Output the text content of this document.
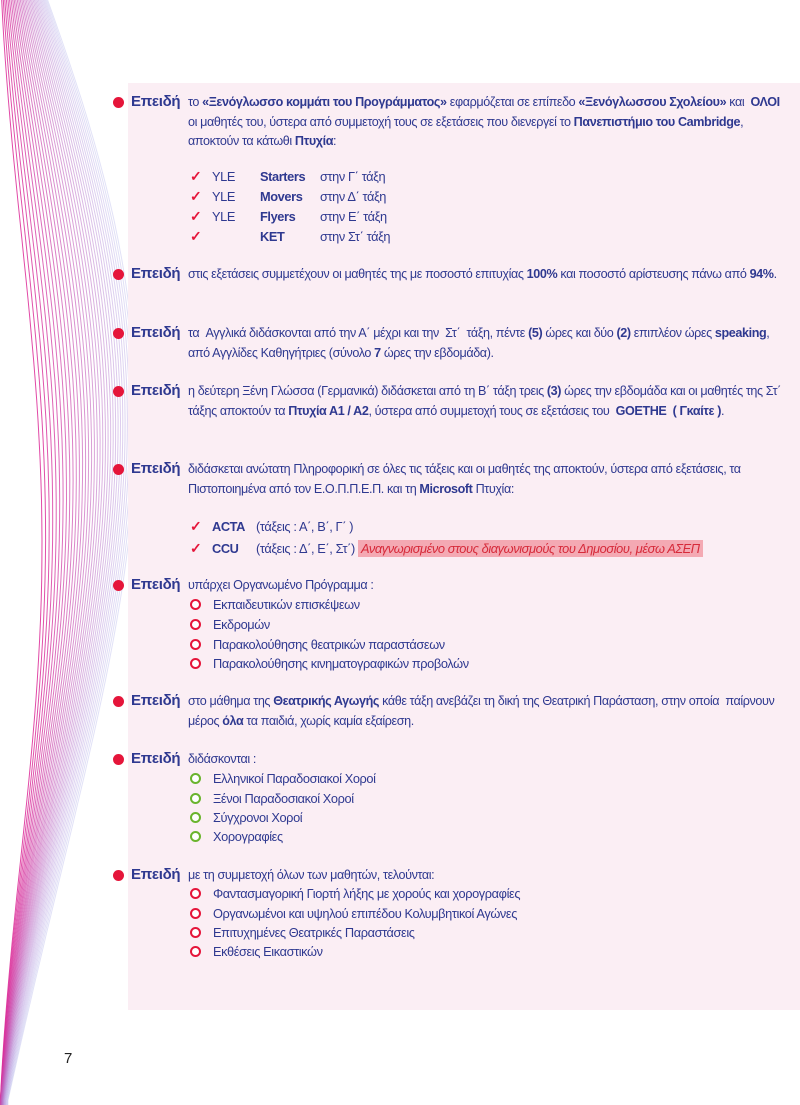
Επειδή το «Ξενόγλωσσο κομμάτι του Προγράμματος» εφαρμόζεται σε επίπεδο «Ξενόγλωσσου Σχολείου» και  ΟΛΟΙ οι μαθητές του, ύστερα από συμμετοχή τους σε εξετάσεις που διενεργεί το Πανεπιστήμιο του Cambridge, αποκτούν τα κάτωθι Πτυχία:
✓ YLE Starters στην Γ΄ τάξη
✓ YLE Movers στην Δ΄ τάξη
✓ YLE Flyers στην Ε΄ τάξη
✓	KET	στην Στ΄ τάξη
Επειδή στις εξετάσεις συμμετέχουν οι μαθητές της με ποσοστό επιτυχίας 100% και ποσοστό αρίστευσης πάνω από 94%.
Επειδή τα  Αγγλικά διδάσκονται από την Α΄ μέχρι και την  Στ΄  τάξη, πέντε (5) ώρες και δύο (2) επιπλέον ώρες speaking, από Αγγλίδες Καθηγήτριες (σύνολο 7 ώρες την εβδομάδα).
Επειδή η δεύτερη Ξένη Γλώσσα (Γερμανικά) διδάσκεται από τη Β΄ τάξη τρεις (3) ώρες την εβδομάδα και οι μαθητές της Στ΄ τάξης αποκτούν τα Πτυχία Α1 / Α2, ύστερα από συμμετοχή τους σε εξετάσεις του  GOETHE  ( Γκαίτε ).
Επειδή διδάσκεται ανώτατη Πληροφορική σε όλες τις τάξεις και οι μαθητές της αποκτούν, ύστερα από εξετάσεις, τα Πιστοποιημένα από τον Ε.Ο.Π.Π.Ε.Π. και τη Microsoft Πτυχία:
✓ ACTA (τάξεις : Α΄, Β΄, Γ΄ )
✓ CCU (τάξεις : Δ΄, Ε΄, Στ΄) Αναγνωρισμένο στους διαγωνισμούς του Δημοσίου, μέσω ΑΣΕΠ
Επειδή υπάρχει Οργανωμένο Πρόγραμμα :
Εκπαιδευτικών επισκέψεων
Εκδρομών
Παρακολούθησης θεατρικών παραστάσεων
Παρακολούθησης κινηματογραφικών προβολών
Επειδή στο μάθημα της Θεατρικής Αγωγής κάθε τάξη ανεβάζει τη δική της Θεατρική Παράσταση, στην οποία  παίρνουν μέρος όλα τα παιδιά, χωρίς καμία εξαίρεση.
Επειδή διδάσκονται :
Ελληνικοί Παραδοσιακοί Χοροί
Ξένοι Παραδοσιακοί Χοροί
Σύγχρονοι Χοροί
Χορογραφίες
Επειδή με τη συμμετοχή όλων των μαθητών, τελούνται:
Φαντασμαγορική Γιορτή λήξης με χορούς και χορογραφίες
Οργανωμένοι και υψηλού επιπέδου Κολυμβητικοί Αγώνες
Επιτυχημένες Θεατρικές Παραστάσεις
Εκθέσεις Εικαστικών
7
